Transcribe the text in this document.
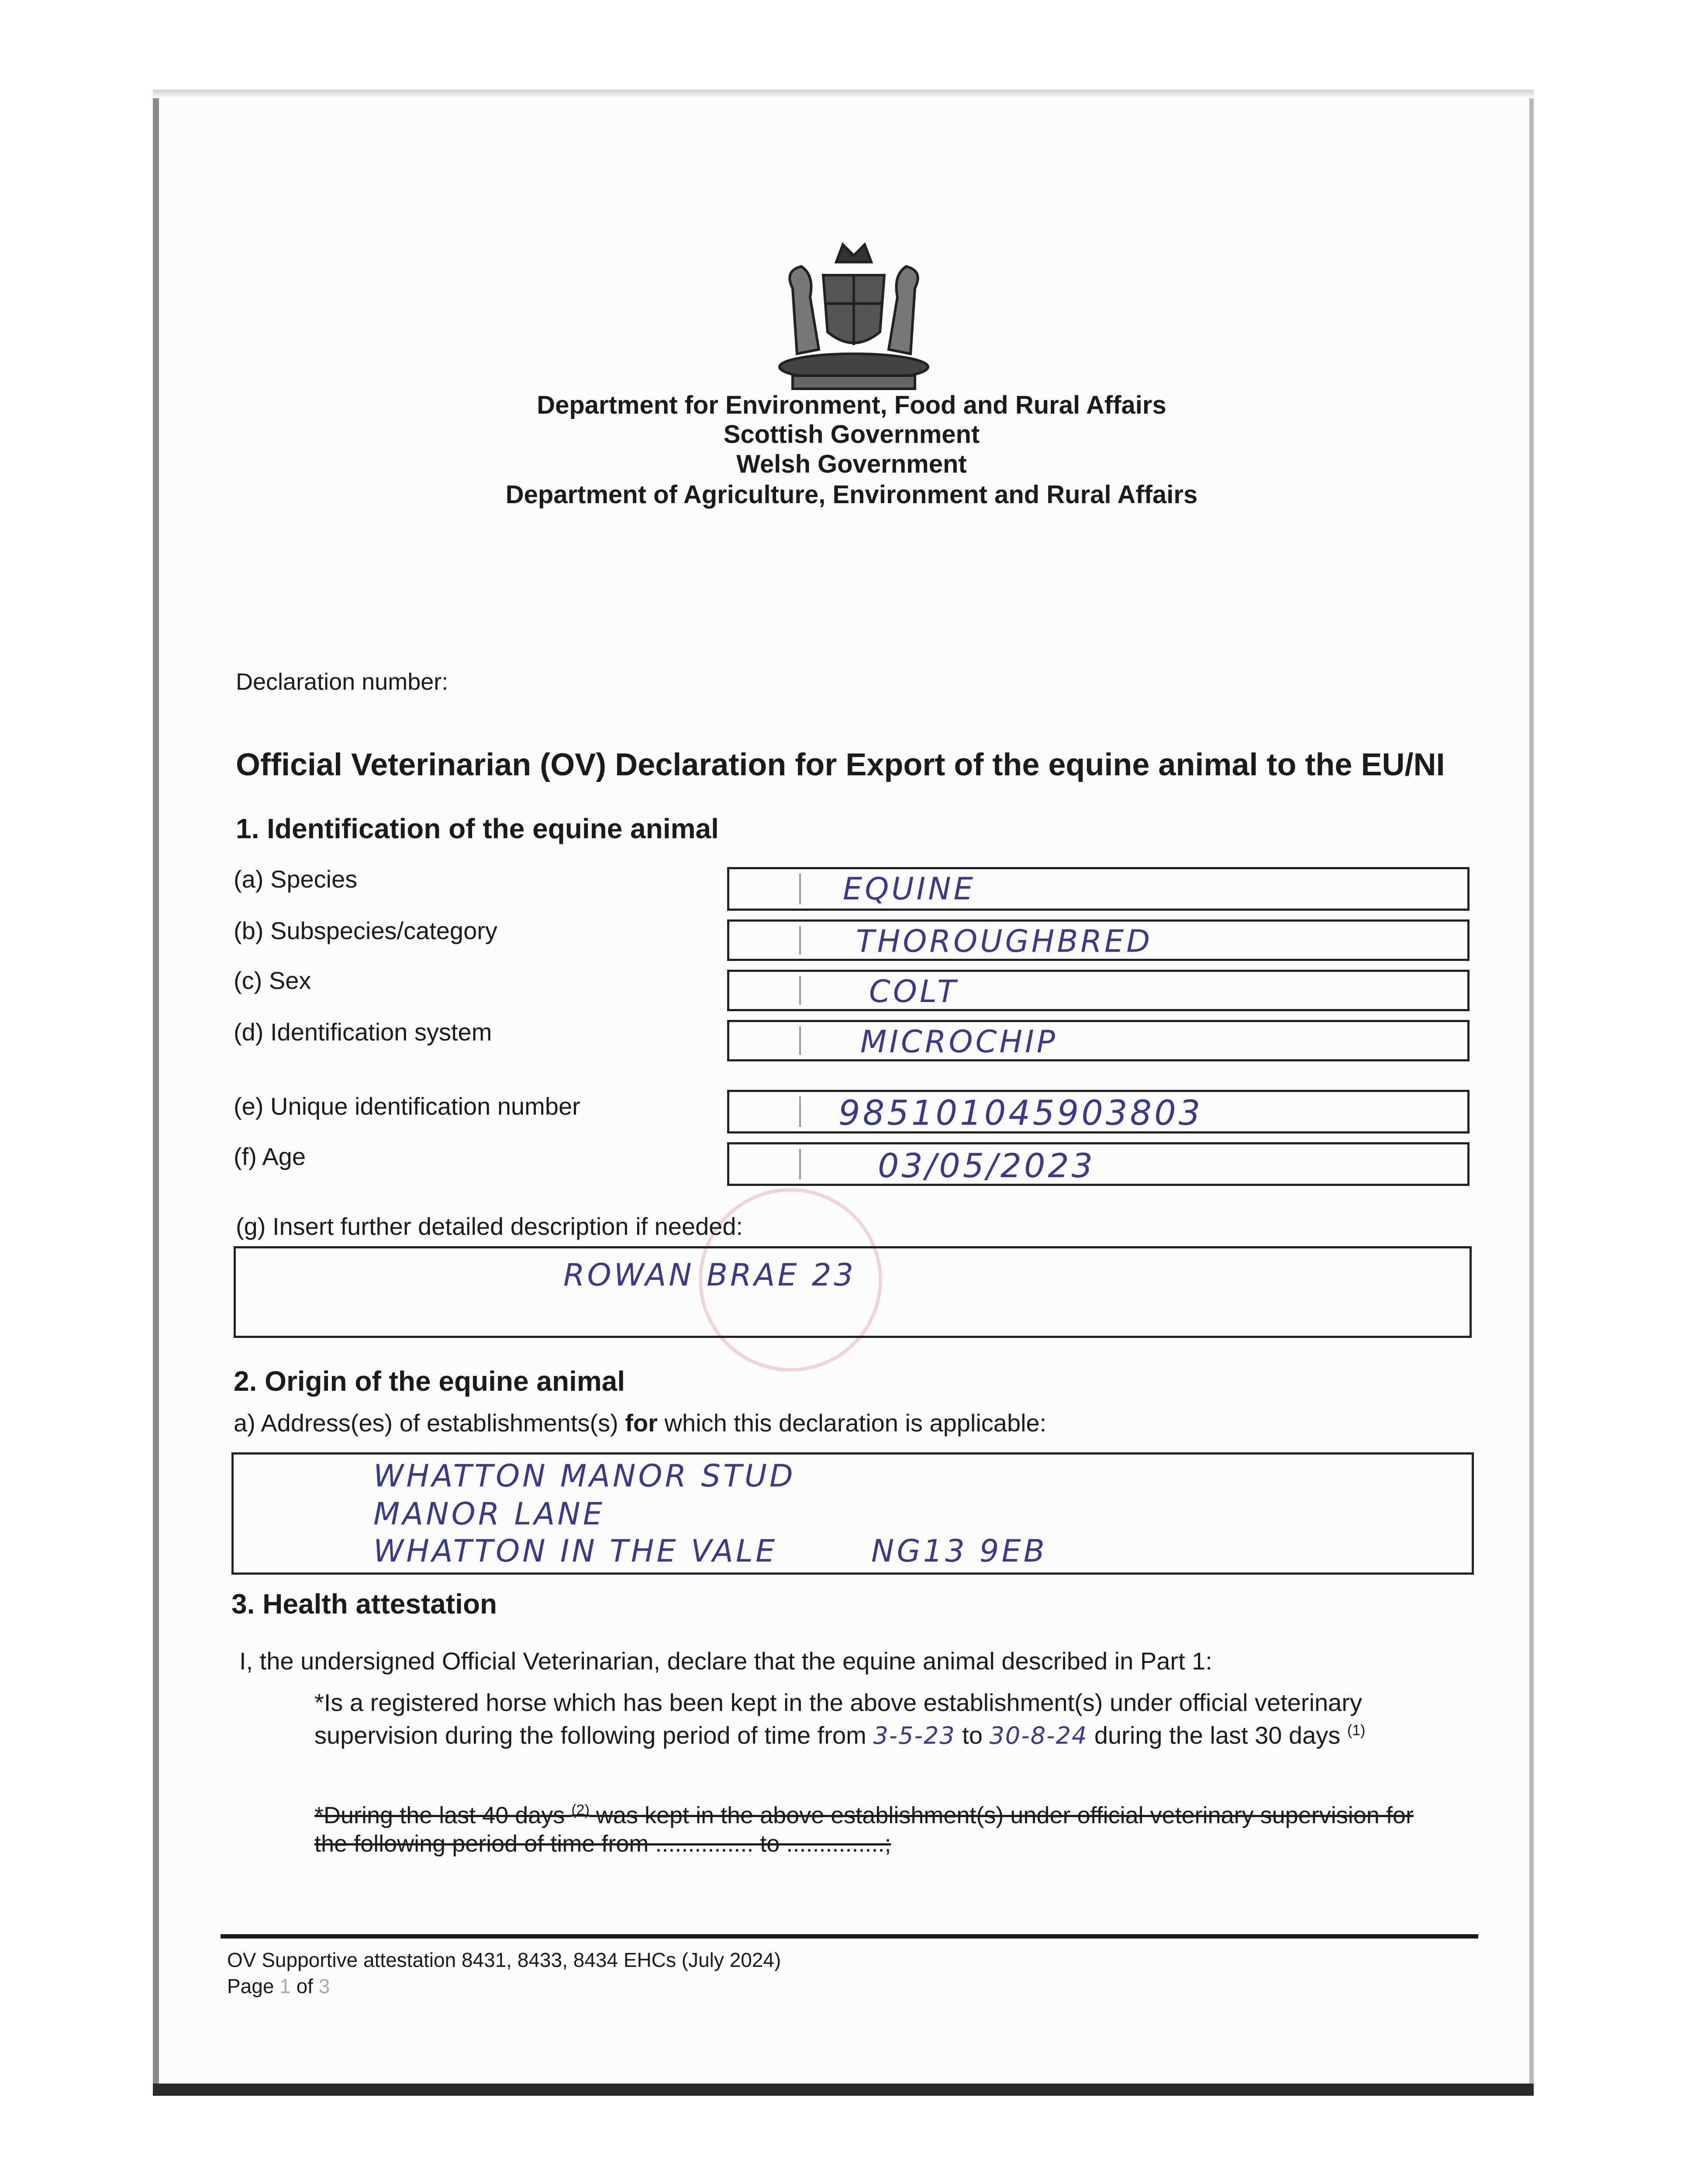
Department for Environment, Food and Rural Affairs
Scottish Government
Welsh Government
Department of Agriculture, Environment and Rural Affairs
Declaration number:
Official Veterinarian (OV) Declaration for Export of the equine animal to the EU/NI
1. Identification of the equine animal
(a) Species	EQUINE
(b) Subspecies/category	THOROUGHBRED
(c) Sex	COLT
(d) Identification system	MICROCHIP
(e) Unique identification number	985101045903803
(f) Age	03/05/2023
(g) Insert further detailed description if needed:
ROWAN BRAE 23
2. Origin of the equine animal
a) Address(es) of establishments(s) for which this declaration is applicable:
WHATTON MANOR STUD
MANOR LANE
WHATTON IN THE VALE	NG13 9EB
3. Health attestation
I, the undersigned Official Veterinarian, declare that the equine animal described in Part 1:
*Is a registered horse which has been kept in the above establishment(s) under official veterinary
supervision during the following period of time from 3-5-23 to 30-8-24 during the last 30 days $^{(1)}$
*During the last 40 days $^{(2)}$ was kept in the above establishment(s) under official veterinary supervision for
the following period of time from ............... to ...............;
OV Supportive attestation 8431, 8433, 8434 EHCs (July 2024)
Page 1 of 3
